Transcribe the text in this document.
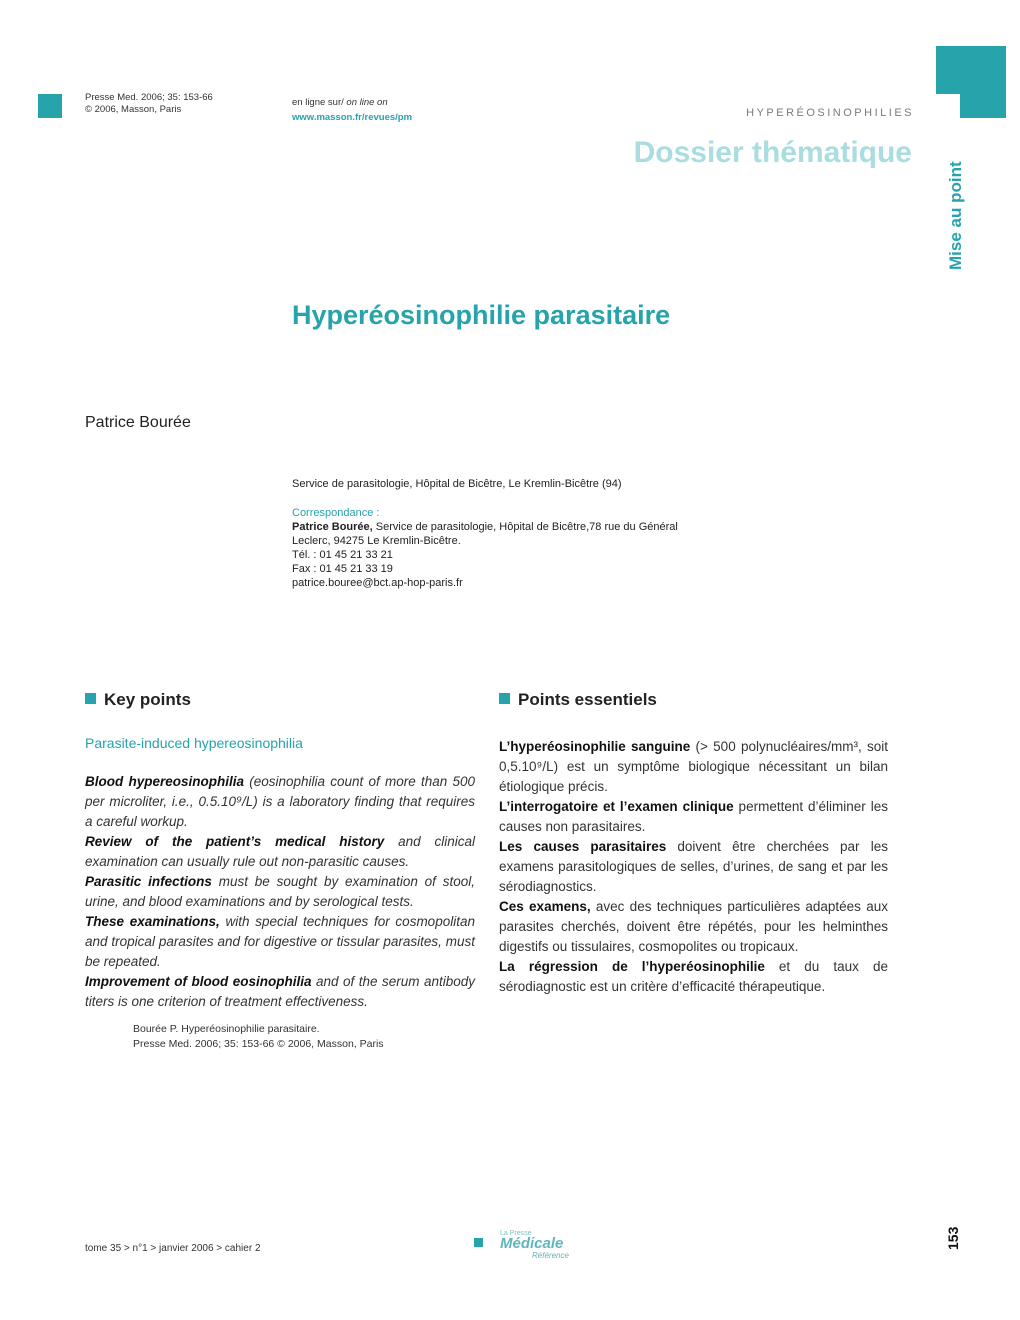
Presse Med. 2006; 35: 153-66
© 2006, Masson, Paris
en ligne sur/ on line on
www.masson.fr/revues/pm	HYPERÉOSINOPHILIES
Dossier thématique
Mise au point
Hyperéosinophilie parasitaire
Patrice Bourée
Service de parasitologie, Hôpital de Bicêtre, Le Kremlin-Bicêtre (94)
Correspondance :
Patrice Bourée, Service de parasitologie, Hôpital de Bicêtre,78 rue du Général
Leclerc, 94275 Le Kremlin-Bicêtre.
Tél. : 01 45 21 33 21
Fax : 01 45 21 33 19
patrice.bouree@bct.ap-hop-paris.fr
Key points
Parasite-induced hypereosinophilia

Blood hypereosinophilia (eosinophilia count of more than 500 per microliter, i.e., 0.5.10⁹/L) is a laboratory finding that requires a careful workup.

Review of the patient’s medical history and clinical examination can usually rule out non-parasitic causes.

Parasitic infections must be sought by examination of stool, urine, and blood examinations and by serological tests.

These examinations, with special techniques for cosmopolitan and tropical parasites and for digestive or tissular parasites, must be repeated.

Improvement of blood eosinophilia and of the serum antibody titers is one criterion of treatment effectiveness.

Points essentiels

L’hyperéosinophilie sanguine (> 500 polynucléaires/mm³, soit 0,5.10⁹/L) est un symptôme biologique nécessitant un bilan étiologique précis.

L’interrogatoire et l’examen clinique permettent d’éliminer les causes non parasitaires.

Les causes parasitaires doivent être cherchées par les examens parasitologiques de selles, d’urines, de sang et par les sérodiagnostics.

Ces examens, avec des techniques particulières adaptées aux parasites cherchés, doivent être répétés, pour les helminthes digestifs ou tissulaires, cosmopolites ou tropicaux.

La régression de l’hyperéosinophilie et du taux de sérodiagnostic est un critère d’efficacité thérapeutique.

Bourée P. Hyperéosinophilie parasitaire.
Presse Med. 2006; 35: 153-66 © 2006, Masson, Paris
tome 35 > n°1 > janvier 2006 > cahier 2
La Presse
Médicale
Référence
153
